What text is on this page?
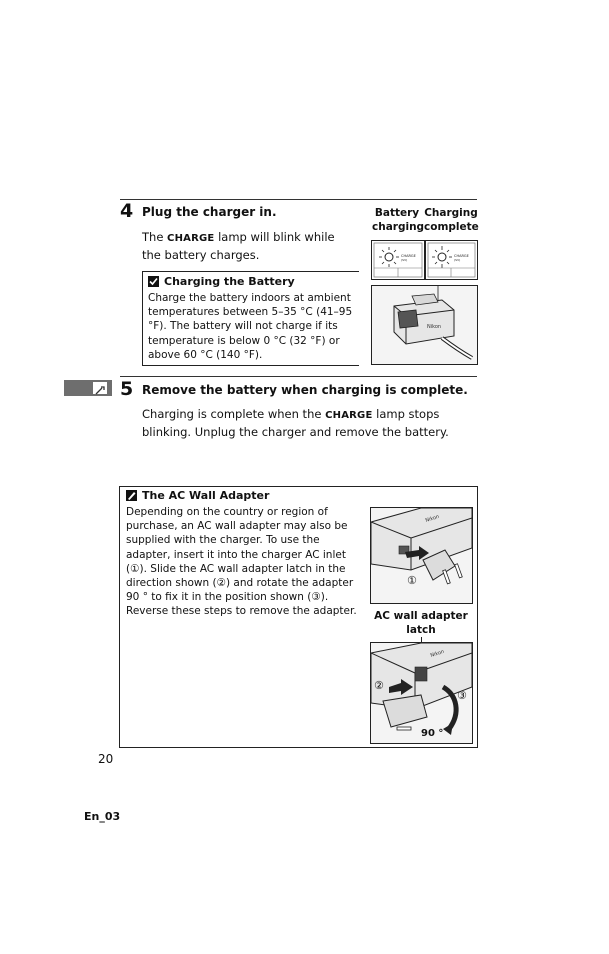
4 Plug the charger in.
The CHARGE lamp will blink while the battery charges.
Charging the Battery
Charge the battery indoors at ambient temperatures between 5–35 °C (41–95 °F). The battery will not charge if its temperature is below 0 °C (32 °F) or above 60 °C (140 °F).
Battery charging
Charging complete
CHARGE
(SV)
CHARGE
(SV)
Nikon
5 Remove the battery when charging is complete.
Charging is complete when the CHARGE lamp stops blinking. Unplug the charger and remove the battery.
The AC Wall Adapter
Depending on the country or region of purchase, an AC wall adapter may also be supplied with the charger. To use the adapter, insert it into the charger AC inlet (①). Slide the AC wall adapter latch in the direction shown (②) and rotate the adapter 90 ° to fix it in the position shown (③). Reverse these steps to remove the adapter.
Nikon
①
AC wall adapter latch
Nikon
②
③
90 °
20
En_03
